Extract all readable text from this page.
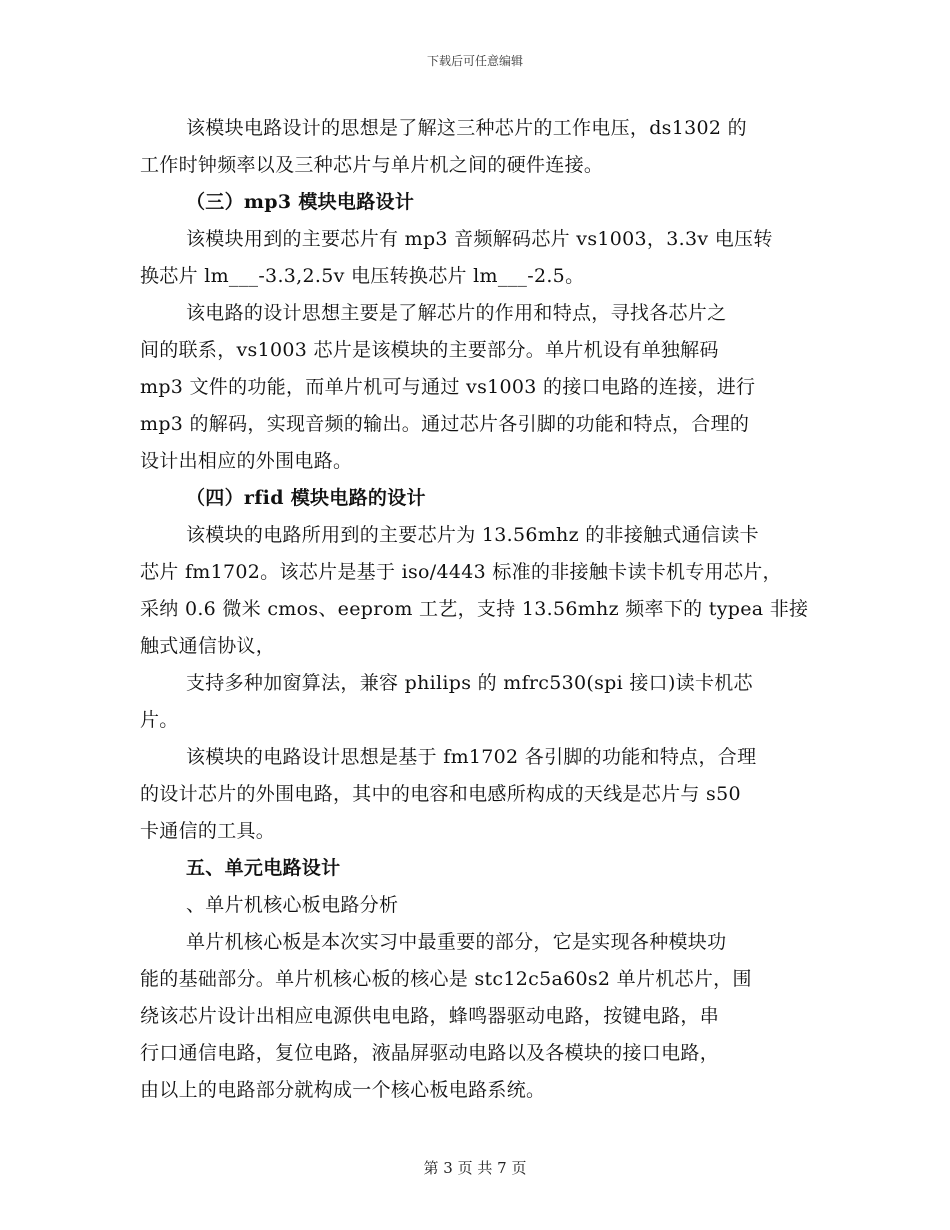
下载后可任意编辑
该模块电路设计的思想是了解这三种芯片的工作电压，ds1302 的
工作时钟频率以及三种芯片与单片机之间的硬件连接。
（三）mp3 模块电路设计
该模块用到的主要芯片有 mp3 音频解码芯片 vs1003，3.3v 电压转
换芯片 lm___-3.3,2.5v 电压转换芯片 lm___-2.5。
该电路的设计思想主要是了解芯片的作用和特点，寻找各芯片之
间的联系，vs1003 芯片是该模块的主要部分。单片机设有单独解码
mp3 文件的功能，而单片机可与通过 vs1003 的接口电路的连接，进行
mp3 的解码，实现音频的输出。通过芯片各引脚的功能和特点，合理的
设计出相应的外围电路。
（四）rfid 模块电路的设计
该模块的电路所用到的主要芯片为 13.56mhz 的非接触式通信读卡
芯片 fm1702。该芯片是基于 iso/4443 标准的非接触卡读卡机专用芯片，
采纳 0.6 微米 cmos、eeprom 工艺，支持 13.56mhz 频率下的 typea 非接
触式通信协议，
支持多种加窗算法，兼容 philips 的 mfrc530(spi 接口)读卡机芯
片。
该模块的电路设计思想是基于 fm1702 各引脚的功能和特点，合理
的设计芯片的外围电路，其中的电容和电感所构成的天线是芯片与 s50
卡通信的工具。
五、单元电路设计
、单片机核心板电路分析
单片机核心板是本次实习中最重要的部分，它是实现各种模块功
能的基础部分。单片机核心板的核心是 stc12c5a60s2 单片机芯片，围
绕该芯片设计出相应电源供电电路，蜂鸣器驱动电路，按键电路，串
行口通信电路，复位电路，液晶屏驱动电路以及各模块的接口电路，
由以上的电路部分就构成一个核心板电路系统。
第 3 页 共 7 页
